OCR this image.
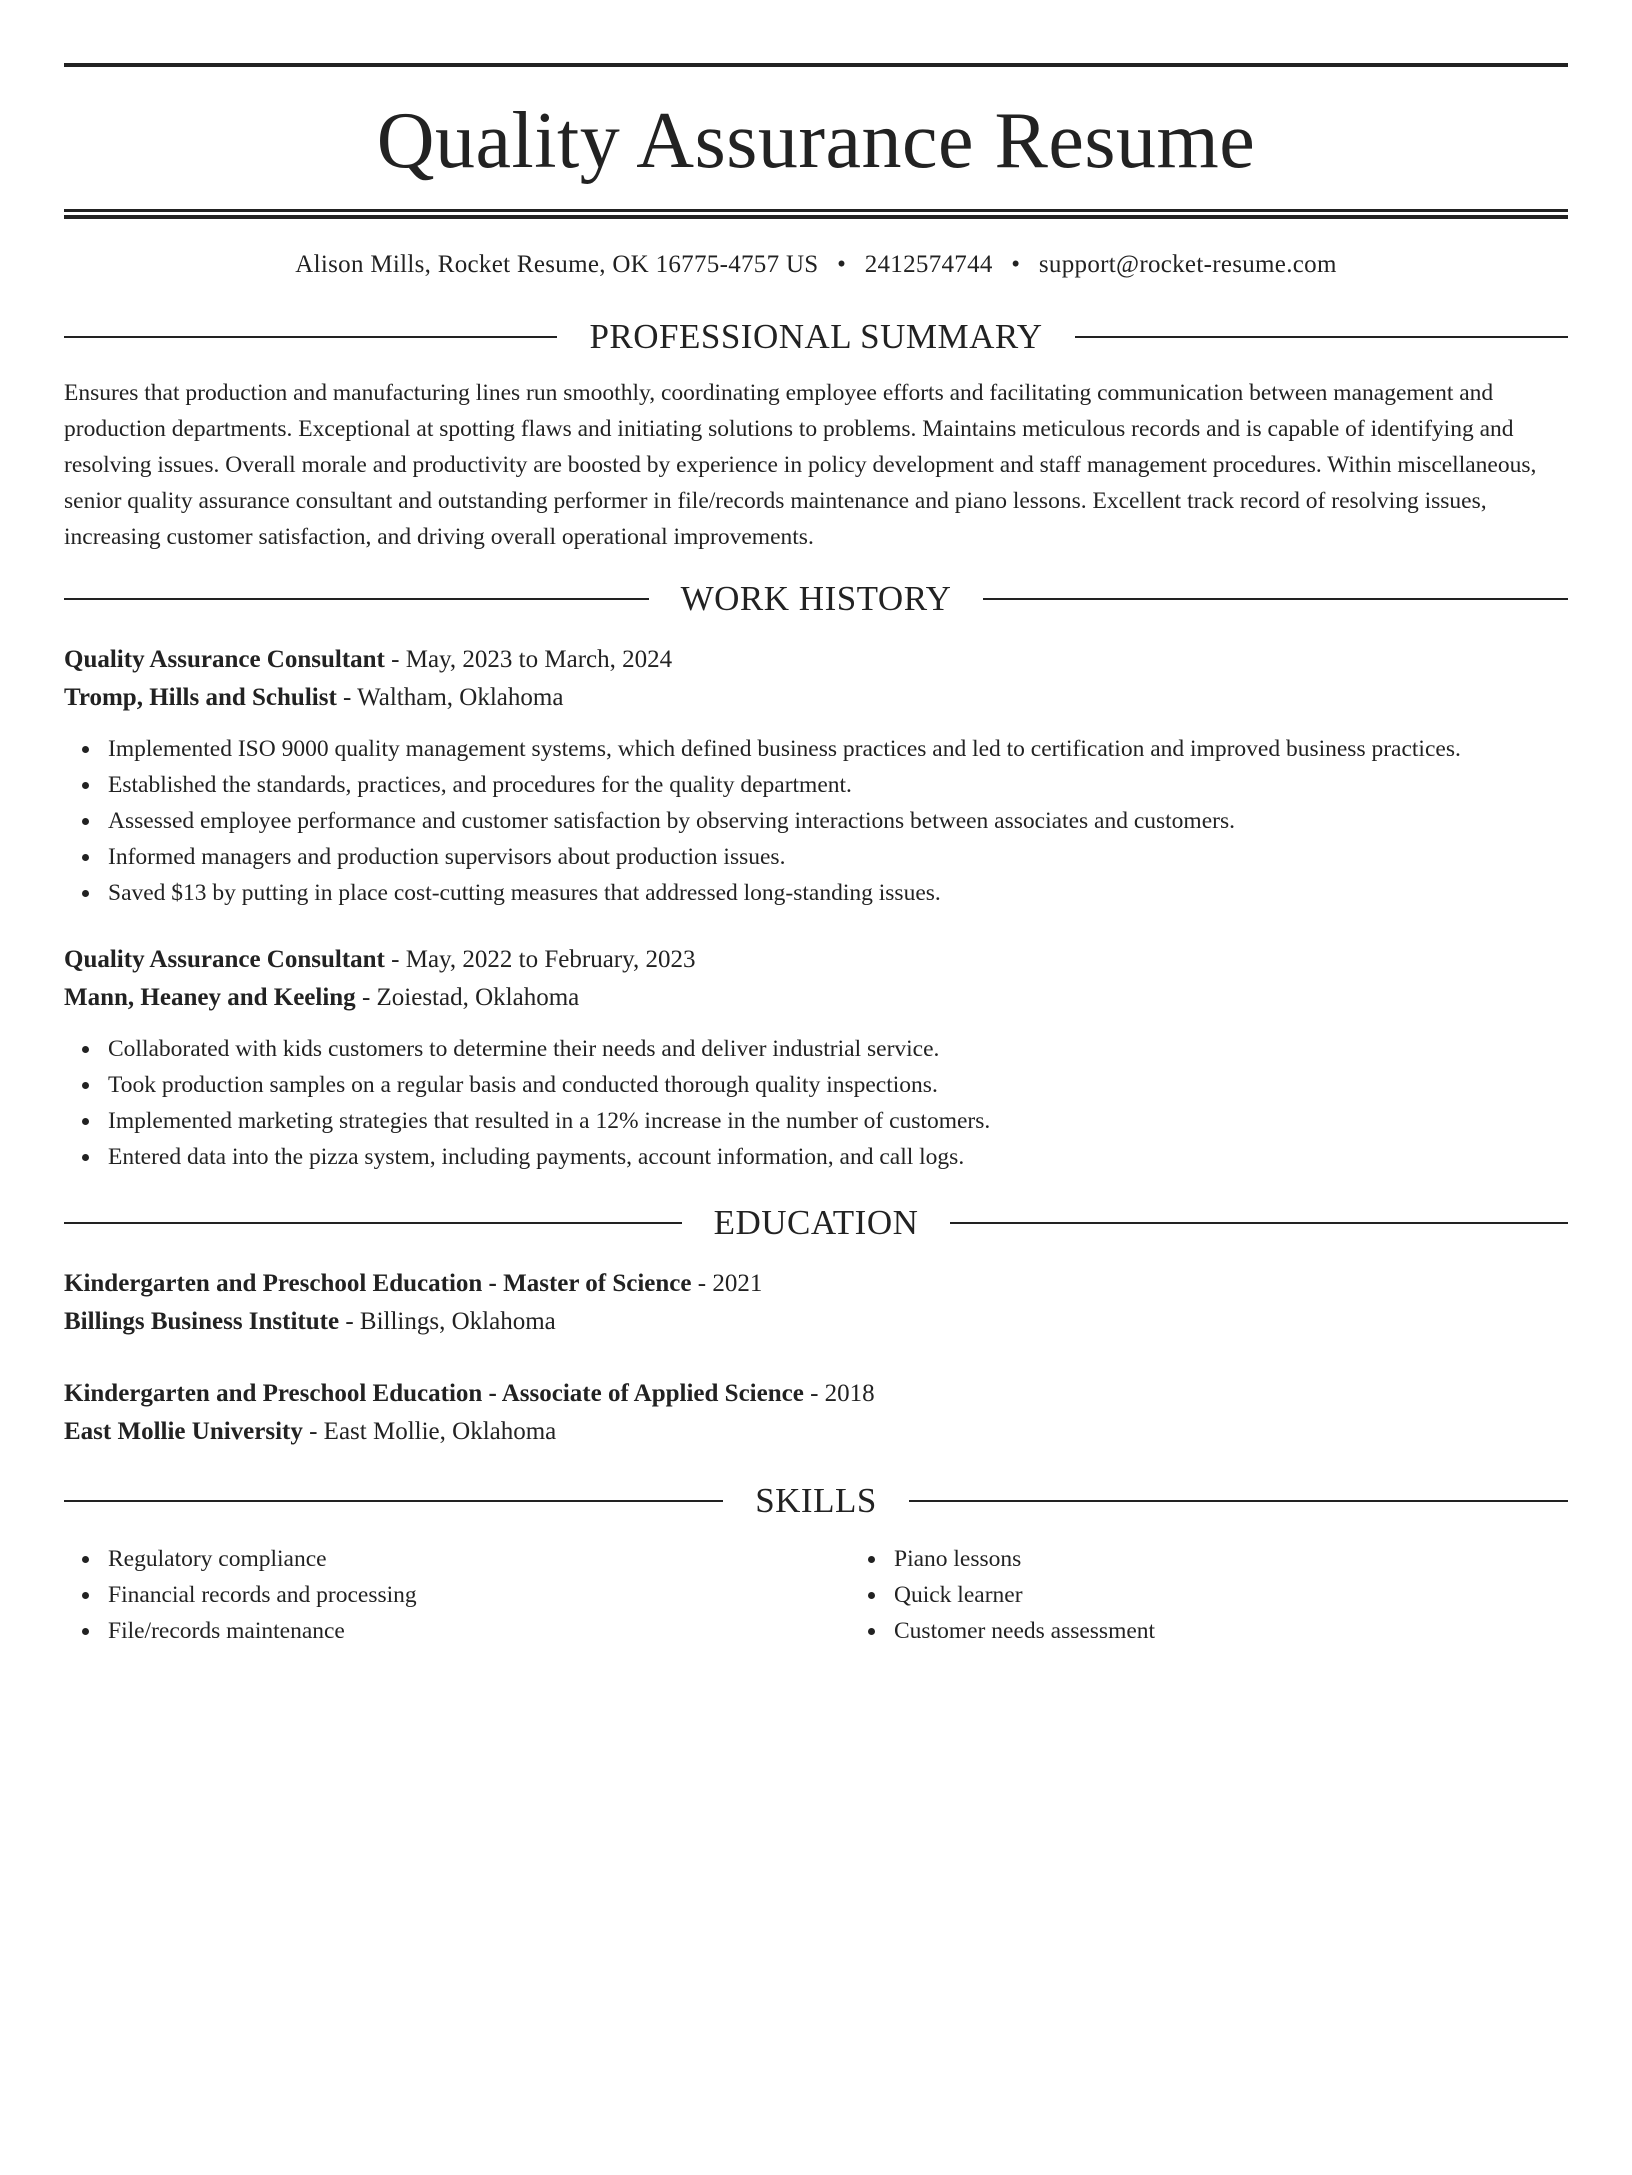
Quality Assurance Resume
Alison Mills, Rocket Resume, OK 16775-4757 US • 2412574744 • support@rocket-resume.com
PROFESSIONAL SUMMARY
Ensures that production and manufacturing lines run smoothly, coordinating employee efforts and facilitating communication between management and production departments. Exceptional at spotting flaws and initiating solutions to problems. Maintains meticulous records and is capable of identifying and resolving issues. Overall morale and productivity are boosted by experience in policy development and staff management procedures. Within miscellaneous, senior quality assurance consultant and outstanding performer in file/records maintenance and piano lessons. Excellent track record of resolving issues, increasing customer satisfaction, and driving overall operational improvements.
WORK HISTORY
Quality Assurance Consultant - May, 2023 to March, 2024
Tromp, Hills and Schulist - Waltham, Oklahoma
Implemented ISO 9000 quality management systems, which defined business practices and led to certification and improved business practices.
Established the standards, practices, and procedures for the quality department.
Assessed employee performance and customer satisfaction by observing interactions between associates and customers.
Informed managers and production supervisors about production issues.
Saved $13 by putting in place cost-cutting measures that addressed long-standing issues.
Quality Assurance Consultant - May, 2022 to February, 2023
Mann, Heaney and Keeling - Zoiestad, Oklahoma
Collaborated with kids customers to determine their needs and deliver industrial service.
Took production samples on a regular basis and conducted thorough quality inspections.
Implemented marketing strategies that resulted in a 12% increase in the number of customers.
Entered data into the pizza system, including payments, account information, and call logs.
EDUCATION
Kindergarten and Preschool Education - Master of Science - 2021
Billings Business Institute - Billings, Oklahoma
Kindergarten and Preschool Education - Associate of Applied Science - 2018
East Mollie University - East Mollie, Oklahoma
SKILLS
Regulatory compliance
Financial records and processing
File/records maintenance
Piano lessons
Quick learner
Customer needs assessment
